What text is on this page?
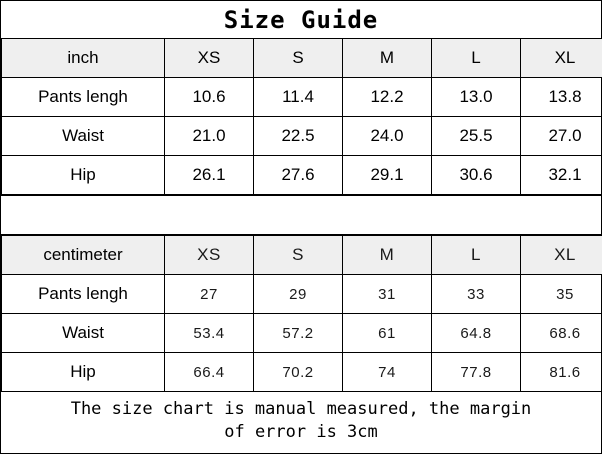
Size Guide
inch	XS	S	M	L	XL
Pants lengh	10.6	11.4	12.2	13.0	13.8
Waist	21.0	22.5	24.0	25.5	27.0
Hip	26.1	27.6	29.1	30.6	32.1
centimeter	XS	S	M	L	XL
Pants lengh	27	29	31	33	35
Waist	53.4	57.2	61	64.8	68.6
Hip	66.4	70.2	74	77.8	81.6
The size chart is manual measured, the margin
of error is 3cm
